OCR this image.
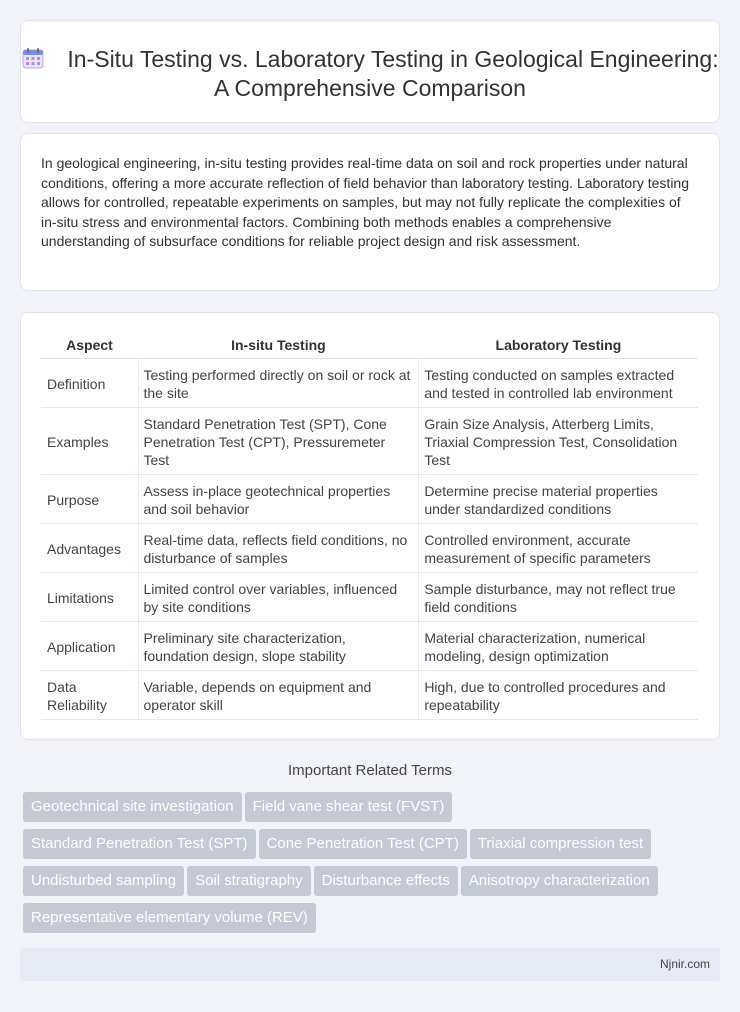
In-Situ Testing vs. Laboratory Testing in Geological Engineering: A Comprehensive Comparison

In geological engineering, in-situ testing provides real-time data on soil and rock properties under natural conditions, offering a more accurate reflection of field behavior than laboratory testing. Laboratory testing allows for controlled, repeatable experiments on samples, but may not fully replicate the complexities of in-situ stress and environmental factors. Combining both methods enables a comprehensive understanding of subsurface conditions for reliable project design and risk assessment.

Aspect	In-situ Testing	Laboratory Testing
Definition	Testing performed directly on soil or rock at the site	Testing conducted on samples extracted and tested in controlled lab environment
Examples	Standard Penetration Test (SPT), Cone Penetration Test (CPT), Pressuremeter Test	Grain Size Analysis, Atterberg Limits, Triaxial Compression Test, Consolidation Test
Purpose	Assess in-place geotechnical properties and soil behavior	Determine precise material properties under standardized conditions
Advantages	Real-time data, reflects field conditions, no disturbance of samples	Controlled environment, accurate measurement of specific parameters
Limitations	Limited control over variables, influenced by site conditions	Sample disturbance, may not reflect true field conditions
Application	Preliminary site characterization, foundation design, slope stability	Material characterization, numerical modeling, design optimization
Data Reliability	Variable, depends on equipment and operator skill	High, due to controlled procedures and repeatability
Important Related Terms
Geotechnical site investigation Field vane shear test (FVST)
Standard Penetration Test (SPT) Cone Penetration Test (CPT) Triaxial compression test
Undisturbed sampling Soil stratigraphy Disturbance effects Anisotropy characterization
Representative elementary volume (REV)
Njnir.com
